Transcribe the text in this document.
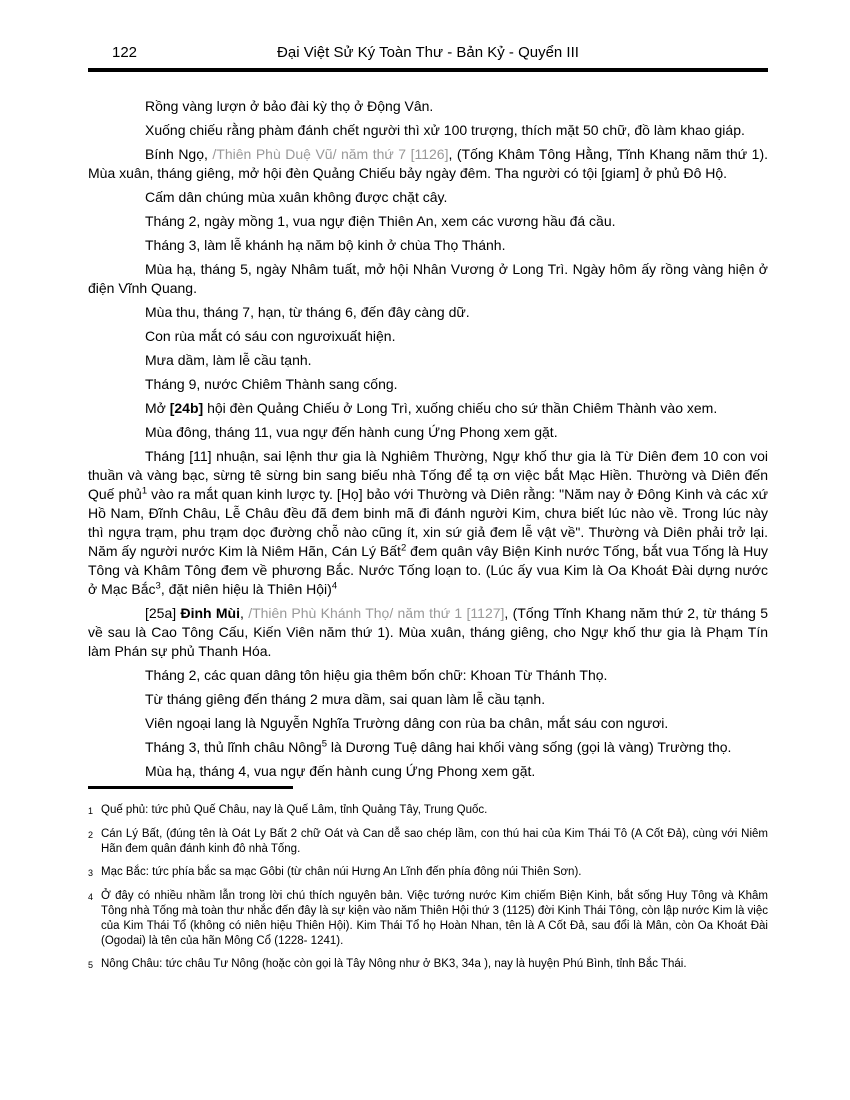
122	Đại Việt Sử Ký Toàn Thư - Bản Kỷ - Quyển III

Rồng vàng lượn ở bảo đài kỳ thọ ở Động Vân.

Xuống chiếu rằng phàm đánh chết người thì xử 100 trượng, thích mặt 50 chữ, đồ làm khao giáp.

Bính Ngọ, /Thiên Phù Duệ Vũ/ năm thứ 7 [1126], (Tống Khâm Tông Hằng, Tĩnh Khang năm thứ 1). Mùa xuân, tháng giêng, mở hội đèn Quảng Chiếu bảy ngày đêm. Tha người có tội [giam] ở phủ Đô Hộ.

Cấm dân chúng mùa xuân không được chặt cây.

Tháng 2, ngày mồng 1, vua ngự điện Thiên An, xem các vương hầu đá cầu.

Tháng 3, làm lễ khánh hạ năm bộ kinh ở chùa Thọ Thánh.

Mùa hạ, tháng 5, ngày Nhâm tuất, mở hội Nhân Vương ở Long Trì. Ngày hôm ấy rồng vàng hiện ở điện Vĩnh Quang.

Mùa thu, tháng 7, hạn, từ tháng 6, đến đây càng dữ.

Con rùa mắt có sáu con ngươixuất hiện.

Mưa dầm, làm lễ cầu tạnh.

Tháng 9, nước Chiêm Thành sang cống.

Mở [24b] hội đèn Quảng Chiếu ở Long Trì, xuống chiếu cho sứ thần Chiêm Thành vào xem.

Mùa đông, tháng 11, vua ngự đến hành cung Ứng Phong xem gặt.

Tháng [11] nhuận, sai lệnh thư gia là Nghiêm Thường, Ngự khố thư gia là Từ Diên đem 10 con voi thuần và vàng bạc, sừng tê sừng bin sang biếu nhà Tống để tạ ơn việc bắt Mạc Hiền. Thường và Diên đến Quế phủ$^1$ vào ra mắt quan kinh lược ty. [Họ] bảo với Thường và Diên rằng: "Năm nay ở Đông Kinh và các xứ Hồ Nam, Đĩnh Châu, Lễ Châu đều đã đem binh mã đi đánh người Kim, chưa biết lúc nào về. Trong lúc này thì ngựa trạm, phu trạm dọc đường chỗ nào cũng ít, xin sứ giả đem lễ vật về". Thường và Diên phải trở lại. Năm ấy người nước Kim là Niêm Hãn, Cán Lý Bất$^2$ đem quân vây Biện Kinh nước Tống, bắt vua Tống là Huy Tông và Khâm Tông đem về phương Bắc. Nước Tống loạn to. (Lúc ấy vua Kim là Oa Khoát Đài dựng nước ở Mạc Bắc$^3$, đặt niên hiệu là Thiên Hội)$^4$

[25a] Đinh Mùi, /Thiên Phù Khánh Thọ/ năm thứ 1 [1127], (Tống Tĩnh Khang năm thứ 2, từ tháng 5 về sau là Cao Tông Cấu, Kiến Viên năm thứ 1). Mùa xuân, tháng giêng, cho Ngự khố thư gia là Phạm Tín làm Phán sự phủ Thanh Hóa.

Tháng 2, các quan dâng tôn hiệu gia thêm bốn chữ: Khoan Từ Thánh Thọ.

Từ tháng giêng đến tháng 2 mưa dầm, sai quan làm lễ cầu tạnh.

Viên ngoại lang là Nguyễn Nghĩa Trường dâng con rùa ba chân, mắt sáu con ngươi.

Tháng 3, thủ lĩnh châu Nông$^5$ là Dương Tuệ dâng hai khối vàng sống (gọi là vàng) Trường thọ.

Mùa hạ, tháng 4, vua ngự đến hành cung Ứng Phong xem gặt.

1 Quế phủ: tức phủ Quế Châu, nay là Quế Lâm, tỉnh Quảng Tây, Trung Quốc.
2 Cán Lý Bất, (đúng tên là Oát Ly Bất 2 chữ Oát và Can dễ sao chép lầm, con thú hai của Kim Thái Tô (A Cốt Đả), cùng với Niêm Hãn đem quân đánh kinh đô nhà Tống.
3 Mạc Bắc: tức phía bắc sa mạc Gôbi (từ chân núi Hưng An Lĩnh đến phía đông núi Thiên Sơn).
4 Ở đây có nhiều nhầm lẫn trong lời chú thích nguyên bản. Việc tướng nước Kim chiếm Biện Kinh, bắt sống Huy Tông và Khâm Tông nhà Tống mà toàn thư nhắc đến đây là sự kiện vào năm Thiên Hội thứ 3 (1125) đời Kinh Thái Tông, còn lập nước Kim là việc của Kim Thái Tổ (không có niên hiệu Thiên Hội). Kim Thái Tổ họ Hoàn Nhan, tên là A Cốt Đả, sau đổi là Mân, còn Oa Khoát Đài (Ogodai) là tên của hãn Mông Cổ (1228- 1241).
5 Nông Châu: tức châu Tư Nông (hoặc còn gọi là Tây Nông như ở BK3, 34a ), nay là huyện Phú Bình, tỉnh Bắc Thái.
